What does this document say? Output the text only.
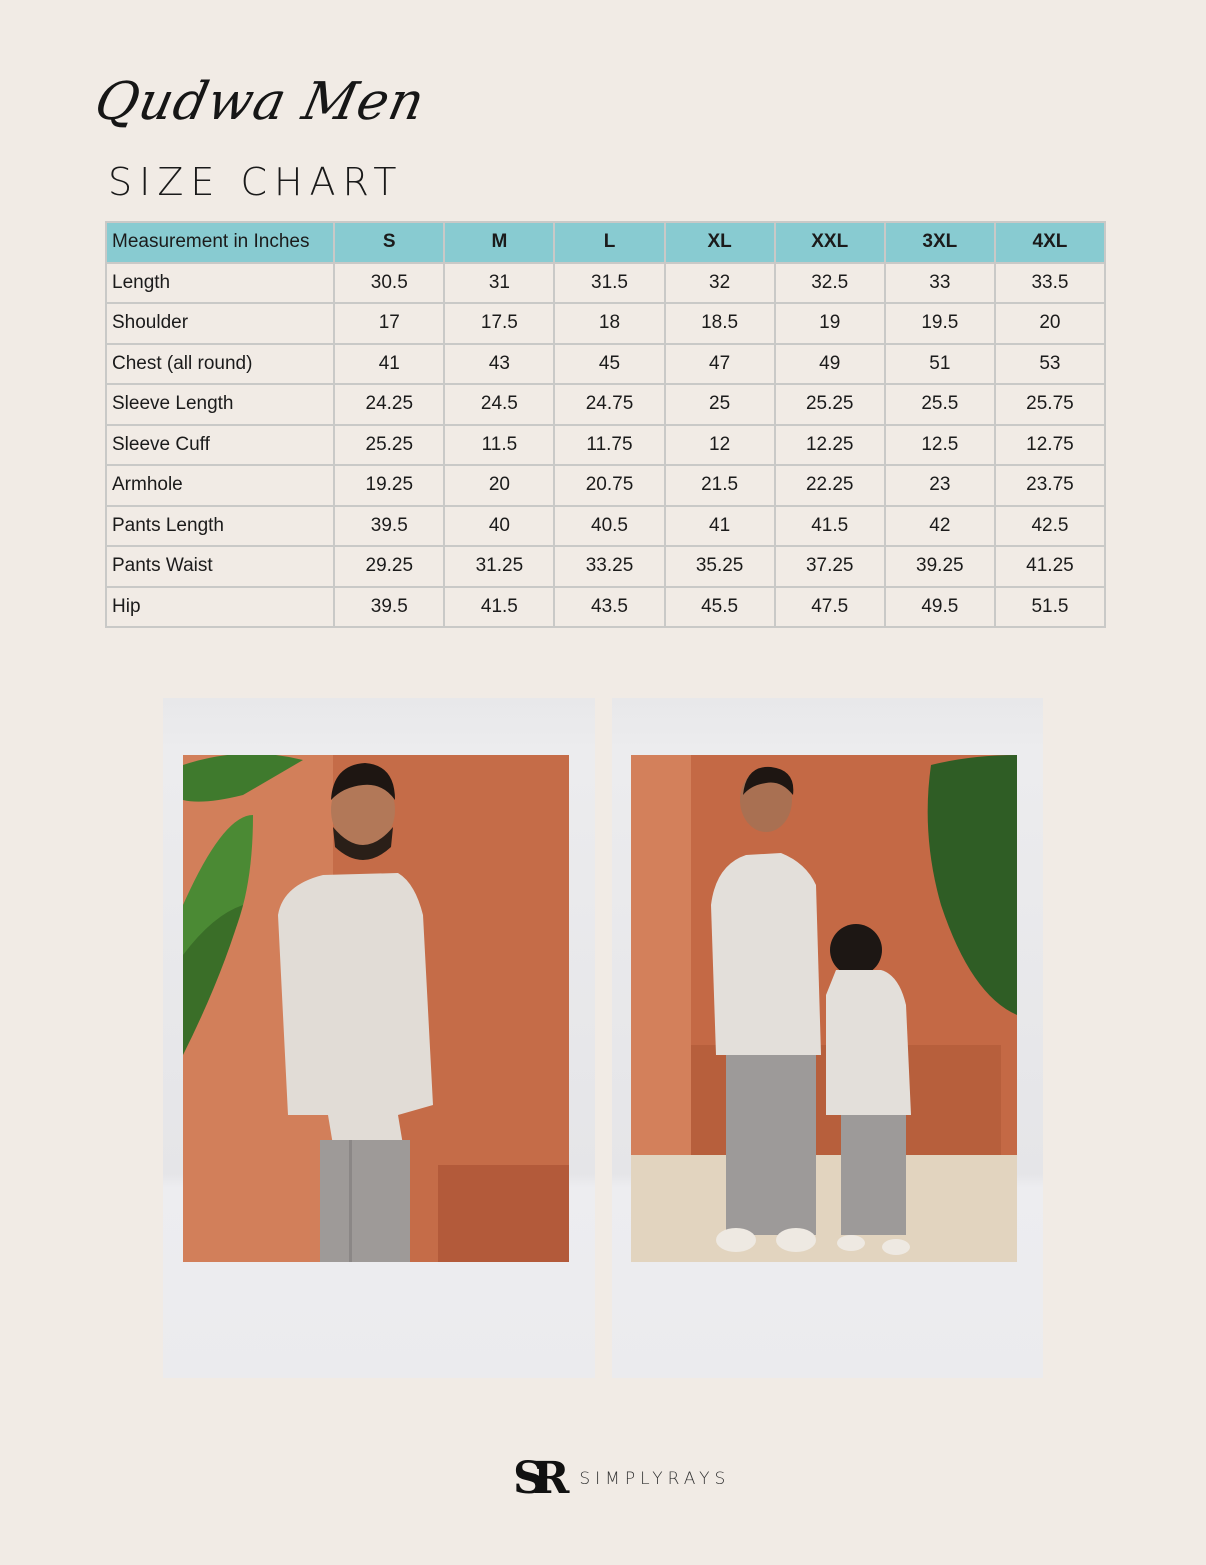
Qudwa Men
SIZE CHART
Measurement in Inches	S	M	L	XL	XXL	3XL	4XL
Length	30.5	31	31.5	32	32.5	33	33.5
Shoulder	17	17.5	18	18.5	19	19.5	20
Chest (all round)	41	43	45	47	49	51	53
Sleeve Length	24.25	24.5	24.75	25	25.25	25.5	25.75
Sleeve Cuff	25.25	11.5	11.75	12	12.25	12.5	12.75
Armhole	19.25	20	20.75	21.5	22.25	23	23.75
Pants Length	39.5	40	40.5	41	41.5	42	42.5
Pants Waist	29.25	31.25	33.25	35.25	37.25	39.25	41.25
Hip	39.5	41.5	43.5	45.5	47.5	49.5	51.5
SR SIMPLYRAYS
